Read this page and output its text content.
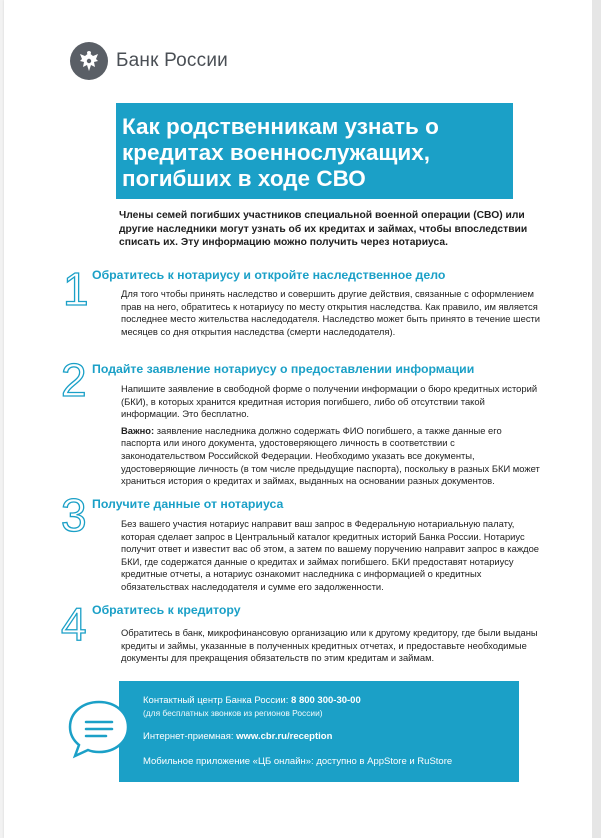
Банк России
Как родственникам узнать о кредитах военнослужащих, погибших в ходе СВО
Члены семей погибших участников специальной военной операции (СВО) или другие наследники могут узнать об их кредитах и займах, чтобы впоследствии списать их. Эту информацию можно получить через нотариуса.
1 Обратитесь к нотариусу и откройте наследственное дело

Для того чтобы принять наследство и совершить другие действия, связанные с оформлением прав на него, обратитесь к нотариусу по месту открытия наследства. Как правило, им является последнее место жительства наследодателя. Наследство может быть принято в течение шести месяцев со дня открытия наследства (смерти наследодателя).

2 Подайте заявление нотариусу о предоставлении информации

Напишите заявление в свободной форме о получении информации о бюро кредитных историй (БКИ), в которых хранится кредитная история погибшего, либо об отсутствии такой информации. Это бесплатно.

Важно: заявление наследника должно содержать ФИО погибшего, а также данные его паспорта или иного документа, удостоверяющего личность в соответствии с законодательством Российской Федерации. Необходимо указать все документы, удостоверяющие личность (в том числе предыдущие паспорта), поскольку в разных БКИ может храниться история о кредитах и займах, выданных на основании разных документов.

3 Получите данные от нотариуса

Без вашего участия нотариус направит ваш запрос в Федеральную нотариальную палату, которая сделает запрос в Центральный каталог кредитных историй Банка России. Нотариус получит ответ и известит вас об этом, а затем по вашему поручению направит запрос в каждое БКИ, где содержатся данные о кредитах и займах погибшего. БКИ предоставят нотариусу кредитные отчеты, а нотариус ознакомит наследника с информацией о кредитных обязательствах наследодателя и сумме его задолженности.

4 Обратитесь к кредитору

Обратитесь в банк, микрофинансовую организацию или к другому кредитору, где были выданы кредиты и займы, указанные в полученных кредитных отчетах, и предоставьте необходимые документы для прекращения обязательств по этим кредитам и займам.

Контактный центр Банка России: 8 800 300-30-00
(для бесплатных звонков из регионов России)
Интернет-приемная: www.cbr.ru/reception
Мобильное приложение «ЦБ онлайн»: доступно в AppStore и RuStore
